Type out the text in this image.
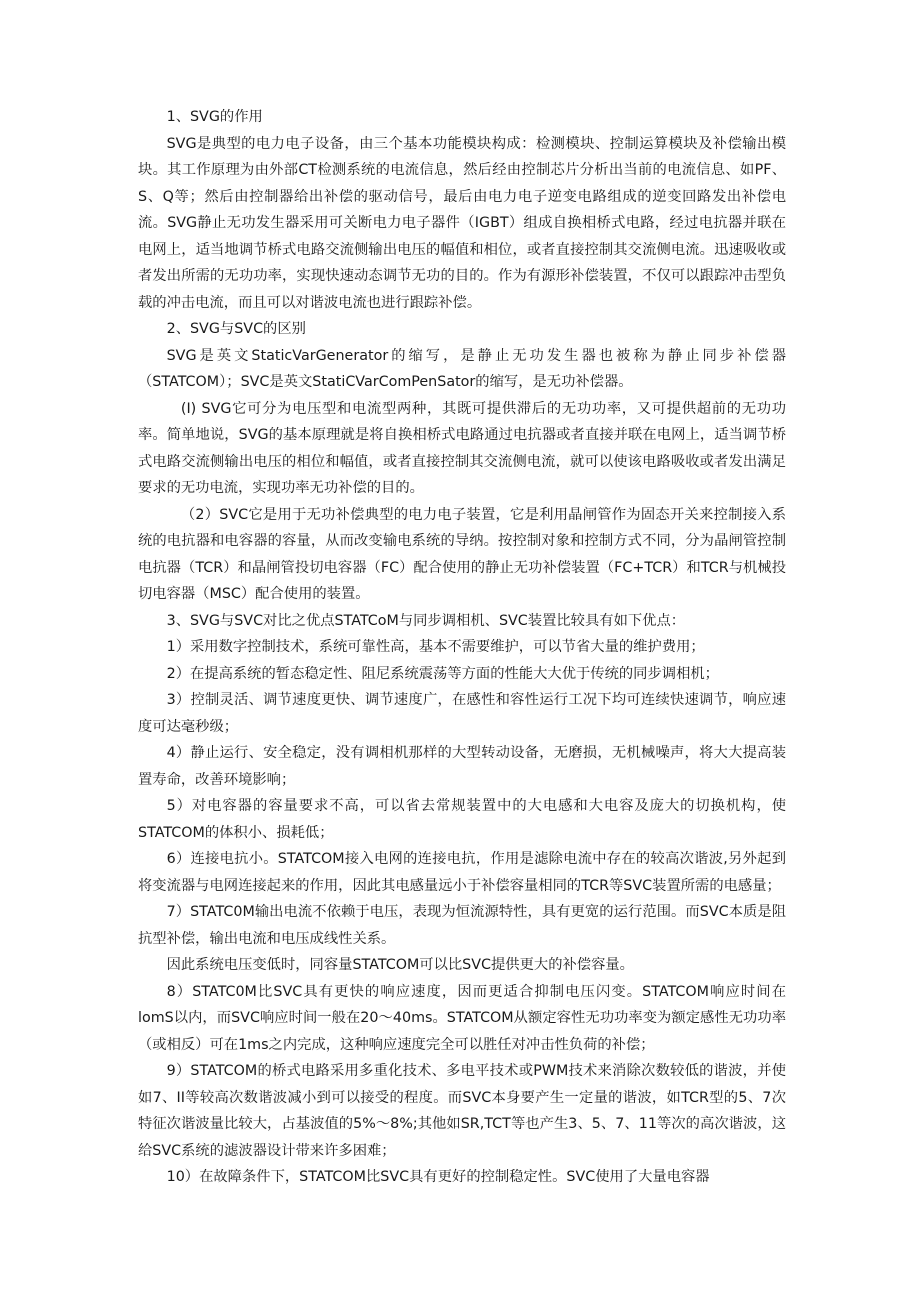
1、SVG的作用

SVG是典型的电力电子设备，由三个基本功能模块构成：检测模块、控制运算模块及补偿输出模块。其工作原理为由外部CT检测系统的电流信息，然后经由控制芯片分析出当前的电流信息、如PF、S、Q等；然后由控制器给出补偿的驱动信号，最后由电力电子逆变电路组成的逆变回路发出补偿电流。SVG静止无功发生器采用可关断电力电子器件（IGBT）组成自换相桥式电路，经过电抗器并联在电网上，适当地调节桥式电路交流侧输出电压的幅值和相位，或者直接控制其交流侧电流。迅速吸收或者发出所需的无功功率，实现快速动态调节无功的目的。作为有源形补偿装置，不仅可以跟踪冲击型负载的冲击电流，而且可以对谐波电流也进行跟踪补偿。

2、SVG与SVC的区别

SVG是英文StaticVarGenerator的缩写，是静止无功发生器也被称为静止同步补偿器（STATCOM）；SVC是英文StatiCVarComPenSator的缩写，是无功补偿器。

(I) SVG它可分为电压型和电流型两种，其既可提供滞后的无功功率，又可提供超前的无功功率。简单地说，SVG的基本原理就是将自换相桥式电路通过电抗器或者直接并联在电网上，适当调节桥式电路交流侧输出电压的相位和幅值，或者直接控制其交流侧电流，就可以使该电路吸收或者发出满足要求的无功电流，实现功率无功补偿的目的。

（2）SVC它是用于无功补偿典型的电力电子装置，它是利用晶闸管作为固态开关来控制接入系统的电抗器和电容器的容量，从而改变输电系统的导纳。按控制对象和控制方式不同，分为晶闸管控制电抗器（TCR）和晶闸管投切电容器（FC）配合使用的静止无功补偿装置（FC+TCR）和TCR与机械投切电容器（MSC）配合使用的装置。

3、SVG与SVC对比之优点STATCoM与同步调相机、SVC装置比较具有如下优点：

1）采用数字控制技术，系统可靠性高，基本不需要维护，可以节省大量的维护费用；

2）在提高系统的暂态稳定性、阻尼系统震荡等方面的性能大大优于传统的同步调相机；

3）控制灵活、调节速度更快、调节速度广，在感性和容性运行工况下均可连续快速调节，响应速度可达毫秒级；

4）静止运行、安全稳定，没有调相机那样的大型转动设备，无磨损，无机械噪声，将大大提高装置寿命，改善环境影响；

5）对电容器的容量要求不高，可以省去常规装置中的大电感和大电容及庞大的切换机构，使STATCOM的体积小、损耗低；

6）连接电抗小。STATCOM接入电网的连接电抗，作用是滤除电流中存在的较高次谐波,另外起到将变流器与电网连接起来的作用，因此其电感量远小于补偿容量相同的TCR等SVC装置所需的电感量；

7）STATC0M输出电流不依赖于电压，表现为恒流源特性，具有更宽的运行范围。而SVC本质是阻抗型补偿，输出电流和电压成线性关系。

因此系统电压变低时，同容量STATCOM可以比SVC提供更大的补偿容量。

8）STATC0M比SVC具有更快的响应速度，因而更适合抑制电压闪变。STATCOM响应时间在lomS以内，而SVC响应时间一般在20～40ms。STATCOM从额定容性无功功率变为额定感性无功功率（或相反）可在1ms之内完成，这种响应速度完全可以胜任对冲击性负荷的补偿；

9）STATCOM的桥式电路采用多重化技术、多电平技术或PWM技术来消除次数较低的谐波，并使如7、II等较高次数谐波减小到可以接受的程度。而SVC本身要产生一定量的谐波，如TCR型的5、7次特征次谐波量比较大，占基波值的5%～8%;其他如SR,TCT等也产生3、5、7、11等次的高次谐波，这给SVC系统的滤波器设计带来许多困难；

10）在故障条件下，STATCOM比SVC具有更好的控制稳定性。SVC使用了大量电容器
